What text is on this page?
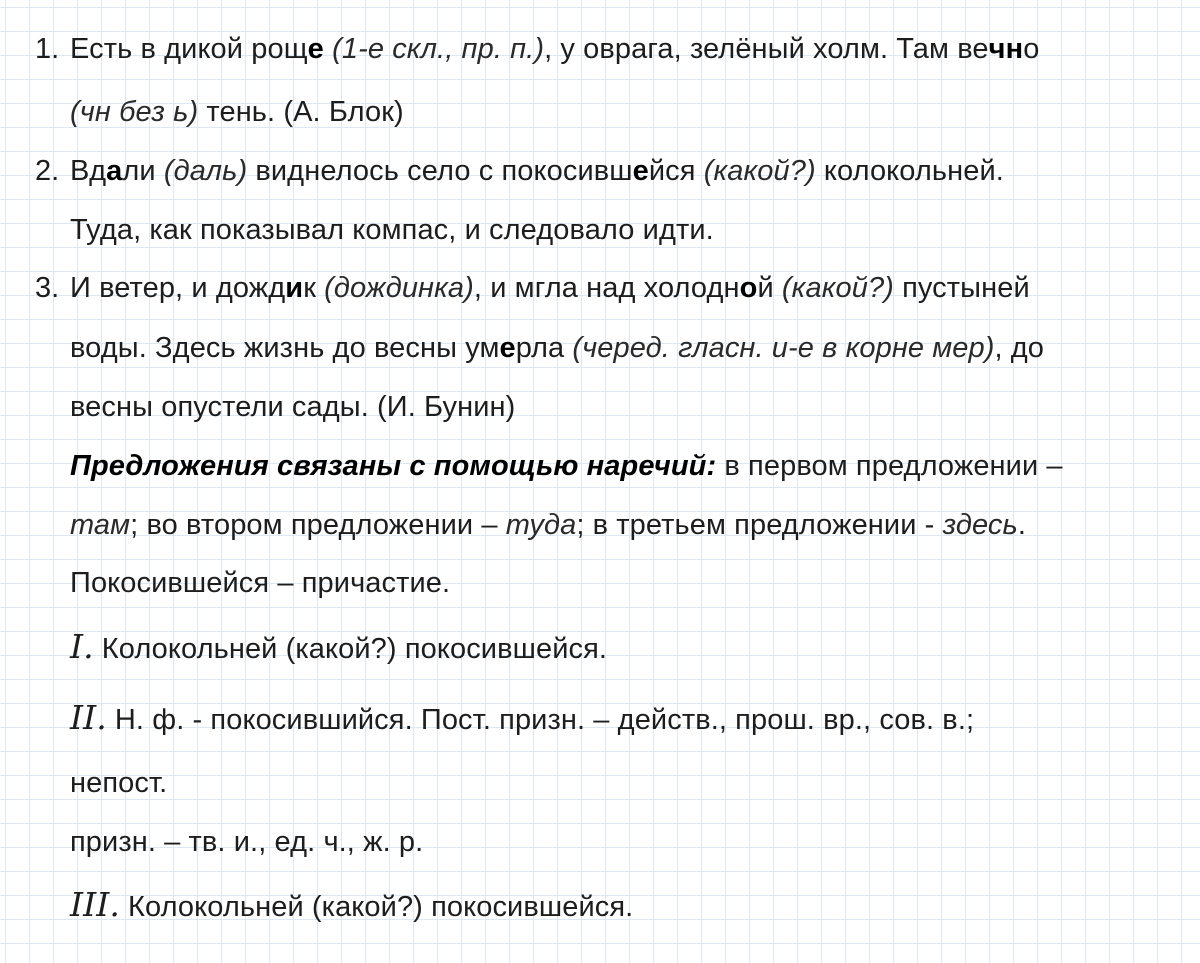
1. Есть в дикой роще (1-е скл., пр. п.), у оврага, зелёный холм. Там вечно
(чн без ь) тень. (А. Блок)
2. Вдали (даль) виднелось село с покосившейся (какой?) колокольней.
Туда, как показывал компас, и следовало идти.
3. И ветер, и дождик (дождинка), и мгла над холодной (какой?) пустыней
воды. Здесь жизнь до весны умерла (черед. гласн. и-е в корне мер), до
весны опустели сады. (И. Бунин)
Предложения связаны с помощью наречий: в первом предложении –
там; во втором предложении – туда; в третьем предложении - здесь.
Покосившейся – причастие.
I. Колокольней (какой?) покосившейся.
II. Н. ф. - покосившийся. Пост. призн. – действ., прош. вр., сов. в.;
непост.
призн. – тв. и., ед. ч., ж. р.
III. Колокольней (какой?) покосившейся.
